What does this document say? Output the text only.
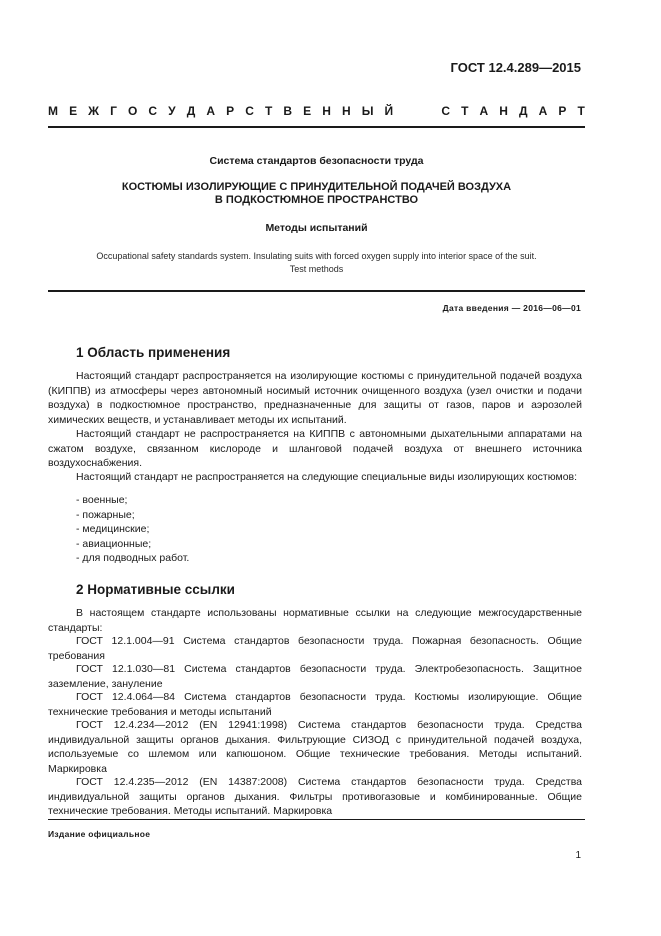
ГОСТ 12.4.289—2015
М Е Ж Г О С У Д А Р С Т В Е Н Н Ы Й	С Т А Н Д А Р Т
Система стандартов безопасности труда
КОСТЮМЫ ИЗОЛИРУЮЩИЕ С ПРИНУДИТЕЛЬНОЙ ПОДАЧЕЙ ВОЗДУХА
В ПОДКОСТЮМНОЕ ПРОСТРАНСТВО
Методы испытаний
Occupational safety standards system. Insulating suits with forced oxygen supply into interior space of the suit.
Test methods
Дата введения — 2016—06—01
1 Область применения

Настоящий стандарт распространяется на изолирующие костюмы с принудительной подачей воздуха (КИППВ) из атмосферы через автономный носимый источник очищенного воздуха (узел очистки и подачи воздуха) в подкостюмное пространство, предназначенные для защиты от газов, паров и аэрозолей химических веществ, и устанавливает методы их испытаний.

Настоящий стандарт не распространяется на КИППВ с автономными дыхательными аппаратами на сжатом воздухе, связанном кислороде и шланговой подачей воздуха от внешнего источника воздухоснабжения.

Настоящий стандарт не распространяется на следующие специальные виды изолирующих костюмов:

- военные;
- пожарные;
- медицинские;
- авиационные;
- для подводных работ.
2 Нормативные ссылки

В настоящем стандарте использованы нормативные ссылки на следующие межгосударственные стандарты:

ГОСТ 12.1.004—91 Система стандартов безопасности труда. Пожарная безопасность. Общие требования

ГОСТ 12.1.030—81 Система стандартов безопасности труда. Электробезопасность. Защитное заземление, зануление

ГОСТ 12.4.064—84 Система стандартов безопасности труда. Костюмы изолирующие. Общие технические требования и методы испытаний

ГОСТ 12.4.234—2012 (EN 12941:1998) Система стандартов безопасности труда. Средства индивидуальной защиты органов дыхания. Фильтрующие СИЗОД с принудительной подачей воздуха, используемые со шлемом или капюшоном. Общие технические требования. Методы испытаний. Маркировка

ГОСТ 12.4.235—2012 (EN 14387:2008) Система стандартов безопасности труда. Средства индивидуальной защиты органов дыхания. Фильтры противогазовые и комбинированные. Общие технические требования. Методы испытаний. Маркировка

Издание официальное
1
